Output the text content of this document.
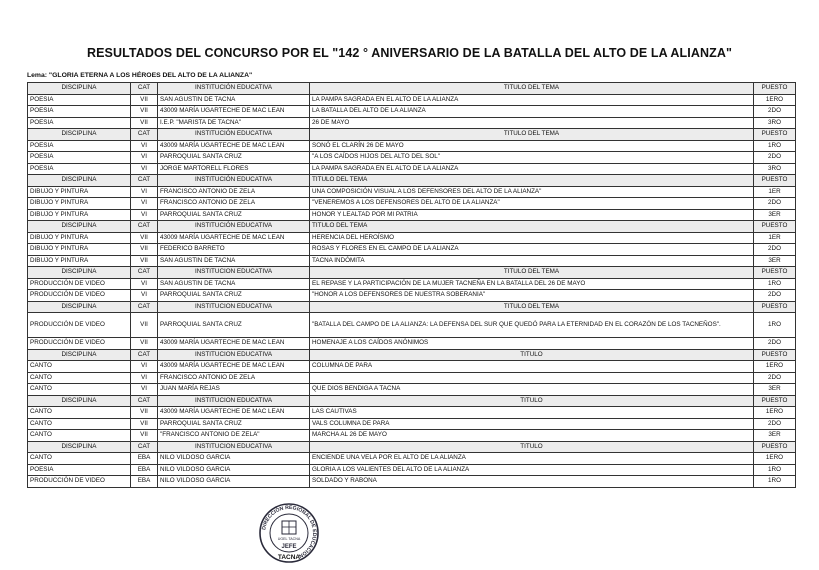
RESULTADOS DEL CONCURSO POR EL "142 ° ANIVERSARIO DE LA BATALLA DEL ALTO DE LA ALIANZA"
Lema: "GLORIA ETERNA A LOS HÉROES DEL ALTO DE LA ALIANZA"
DISCIPLINA	CAT	INSTITUCIÓN EDUCATIVA	TITULO DEL TEMA	PUESTO
POESIA	VII	SAN AGUSTIN DE TACNA	LA PAMPA SAGRADA EN EL ALTO DE LA ALIANZA	1ERO
POESIA	VII	43009 MARÍA UGARTECHE DE MAC LEAN	LA BATALLA DEL ALTO DE LA ALIANZA	2DO
POESIA	VII	I.E.P. "MARISTA DE TACNA"	26 DE MAYO	3RO
DISCIPLINA	CAT	INSTITUCIÓN EDUCATIVA	TITULO DEL TEMA	PUESTO
POESIA	VI	43009 MARÍA UGARTECHE DE MAC LEAN	SONÓ EL CLARÍN 26 DE MAYO	1RO
POESIA	VI	PARROQUIAL SANTA CRUZ	"A LOS CAÍDOS HIJOS DEL ALTO DEL SOL"	2DO
POESIA	VI	JORGE MARTORELL FLORES	LA PAMPA SAGRADA EN EL ALTO DE LA ALIANZA	3RO
DISCIPLINA	CAT	INSTITUCIÓN EDUCATIVA	TITULO DEL TEMA	PUESTO
DIBUJO Y PINTURA	VI	FRANCISCO ANTONIO DE ZELA	UNA COMPOSICIÓN VISUAL A LOS DEFENSORES DEL ALTO DE LA ALIANZA"	1ER
DIBUJO Y PINTURA	VI	FRANCISCO ANTONIO DE ZELA	"VENEREMOS A LOS DEFENSORES DEL ALTO DE LA ALIANZA"	2DO
DIBUJO Y PINTURA	VI	PARROQUIAL SANTA CRUZ	HONOR Y LEALTAD POR MI PATRIA	3ER
DISCIPLINA	CAT	INSTITUCIÓN EDUCATIVA	TITULO DEL TEMA	PUESTO
DIBUJO Y PINTURA	VII	43009 MARÍA UGARTECHE DE MAC LEAN	HERENCIA DEL HEROÍSMO	1ER
DIBUJO Y PINTURA	VII	FEDERICO BARRETO	ROSAS Y FLORES EN EL CAMPO DE LA ALIANZA	2DO
DIBUJO Y PINTURA	VII	SAN AGUSTIN DE TACNA	TACNA INDÓMITA	3ER
DISCIPLINA	CAT	INSTITUCION EDUCATIVA	TITULO DEL TEMA	PUESTO
PRODUCCIÓN DE VIDEO	VI	SAN AGUSTIN DE TACNA	EL REPASE Y LA PARTICIPACIÓN DE LA MUJER TACNEÑA EN LA BATALLA DEL 26 DE MAYO	1RO
PRODUCCIÓN DE VIDEO	VI	PARROQUIAL SANTA CRUZ	"HONOR A LOS DEFENSORES DE NUESTRA SOBERANIA"	2DO
DISCIPLINA	CAT	INSTITUCION EDUCATIVA	TITULO DEL TEMA	PUESTO
PRODUCCIÓN DE VIDEO	VII	PARROQUIAL SANTA CRUZ	"BATALLA DEL CAMPO DE LA ALIANZA: LA DEFENSA DEL SUR QUE QUEDÓ PARA LA ETERNIDAD EN EL CORAZÓN DE LOS TACNEÑOS".	1RO
PRODUCCIÓN DE VIDEO	VII	43009 MARÍA UGARTECHE DE MAC LEAN	HOMENAJE A LOS CAÍDOS ANÓNIMOS	2DO
DISCIPLINA	CAT	INSTITUCION EDUCATIVA	TITULO	PUESTO
CANTO	VI	43009 MARÍA UGARTECHE DE MAC LEAN	COLUMNA DE PARA	1ERO
CANTO	VI	FRANCISCO ANTONIO DE ZELA		2DO
CANTO	VI	JUAN MARÍA REJAS	QUE DIOS BENDIGA A TACNA	3ER
DISCIPLINA	CAT	INSTITUCION EDUCATIVA	TITULO	PUESTO
CANTO	VII	43009 MARÍA UGARTECHE DE MAC LEAN	LAS CAUTIVAS	1ERO
CANTO	VII	PARROQUIAL SANTA CRUZ	VALS COLUMNA DE PARA	2DO
CANTO	VII	"FRANCISCO ANTONIO DE ZELA"	MARCHA AL 26 DE MAYO	3ER
DISCIPLINA	CAT	INSTITUCION EDUCATIVA	TITULO	PUESTO
CANTO	EBA	NILO VILDOSO GARCIA	ENCIENDE UNA VELA POR EL ALTO DE LA ALIANZA	1ERO
POESIA	EBA	NILO VILDOSO GARCIA	GLORIA A LOS VALIENTES DEL ALTO DE LA ALIANZA	1RO
PRODUCCIÓN DE VIDEO	EBA	NILO VILDOSO GARCIA	SOLDADO Y RABONA	1RO
DIRECCIÓN REGIONAL DE EDUCACIÓN
UGEL TACNA
JEFE
TACNA
